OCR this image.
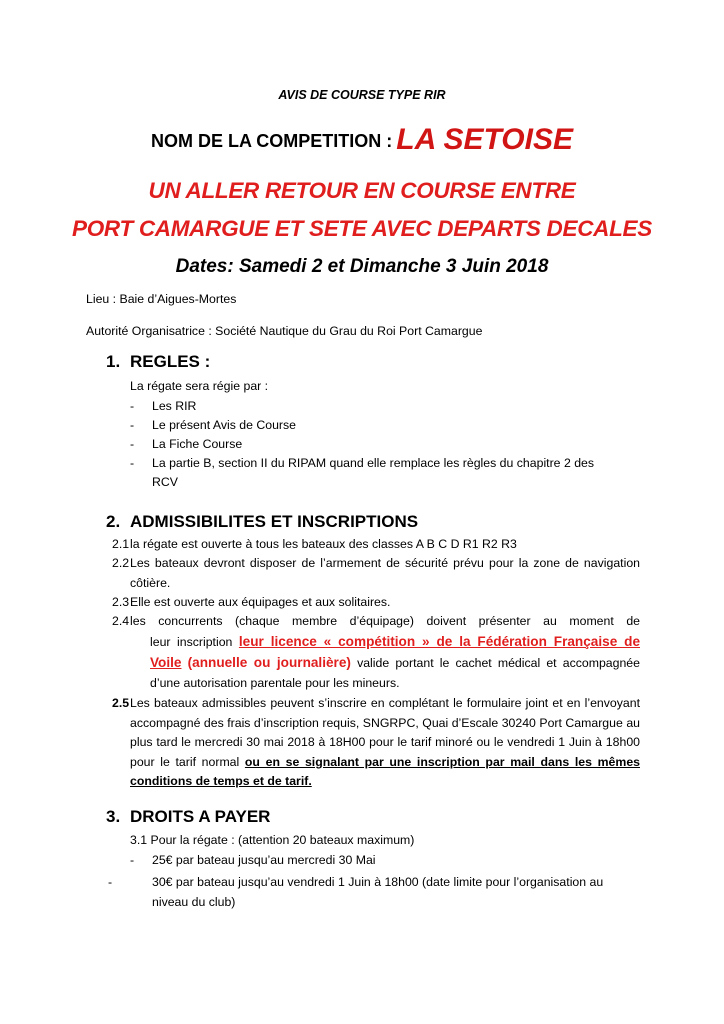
AVIS DE COURSE TYPE RIR
NOM DE LA COMPETITION : LA SETOISE
UN ALLER RETOUR EN COURSE ENTRE
PORT CAMARGUE ET SETE AVEC DEPARTS DECALES
Dates: Samedi 2 et Dimanche 3 Juin 2018
Lieu : Baie d’Aigues-Mortes
Autorité Organisatrice : Société Nautique du Grau du Roi Port Camargue
1. REGLES :
La régate sera régie par :
- Les RIR
- Le présent Avis de Course
- La Fiche Course
- La partie B, section II du RIPAM quand elle remplace les règles du chapitre 2 des
RCV
2. ADMISSIBILITES ET INSCRIPTIONS
2.1 la régate est ouverte à tous les bateaux des classes A B C D R1 R2 R3
2.2 Les bateaux devront disposer de l’armement de sécurité prévu pour la zone de navigation côtière.
2.3 Elle est ouverte aux équipages et aux solitaires.
2.4 les concurrents (chaque membre d’équipage) doivent présenter au moment de
leur inscription leur licence « compétition » de la Fédération Française de Voile (annuelle ou journalière) valide portant le cachet médical et accompagnée d’une autorisation parentale pour les mineurs.
2.5 Les bateaux admissibles peuvent s’inscrire en complétant le formulaire joint et en l’envoyant accompagné des frais d’inscription requis, SNGRPC, Quai d’Escale 30240 Port Camargue au plus tard le mercredi 30 mai 2018 à 18H00 pour le tarif minoré ou le vendredi 1 Juin à 18h00 pour le tarif normal ou en se signalant par une inscription par mail dans les mêmes conditions de temps et de tarif.
3. DROITS A PAYER
3.1 Pour la régate : (attention 20 bateaux maximum)
- 25€ par bateau jusqu’au mercredi 30 Mai
-	30€ par bateau jusqu’au vendredi 1 Juin à 18h00 (date limite pour l’organisation au niveau du club)
